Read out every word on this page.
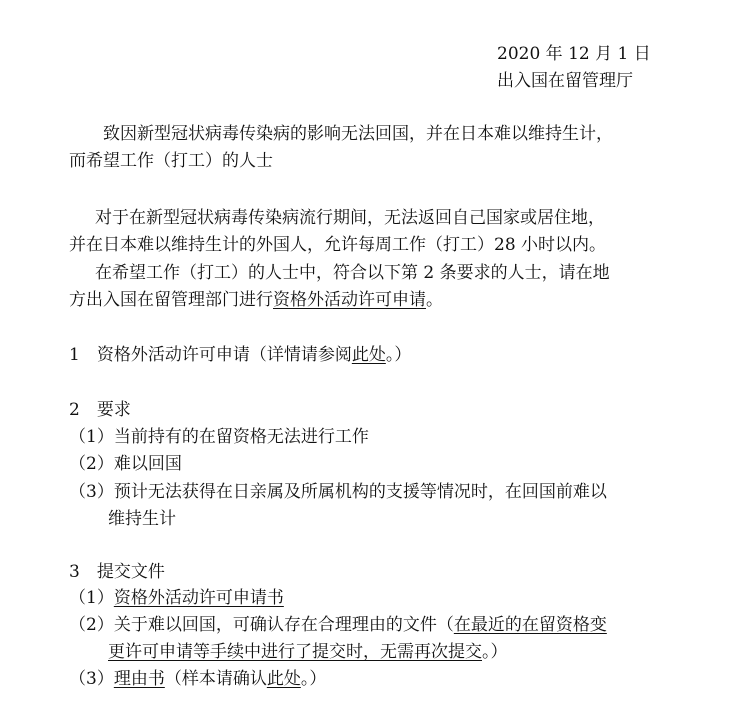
2020 年 12 月 1 日
出入国在留管理厅
致因新型冠状病毒传染病的影响无法回国，并在日本难以维持生计，
而希望工作（打工）的人士
对于在新型冠状病毒传染病流行期间，无法返回自己国家或居住地，
并在日本难以维持生计的外国人，允许每周工作（打工）28 小时以内。
在希望工作（打工）的人士中，符合以下第 2 条要求的人士，请在地
方出入国在留管理部门进行资格外活动许可申请。
1　资格外活动许可申请（详情请参阅此处。）
2　要求
（1）当前持有的在留资格无法进行工作
（2）难以回国
（3）预计无法获得在日亲属及所属机构的支援等情况时，在回国前难以
维持生计
3　提交文件
（1）资格外活动许可申请书
（2）关于难以回国，可确认存在合理理由的文件（在最近的在留资格变
更许可申请等手续中进行了提交时，无需再次提交。）
（3）理由书（样本请确认此处。）
